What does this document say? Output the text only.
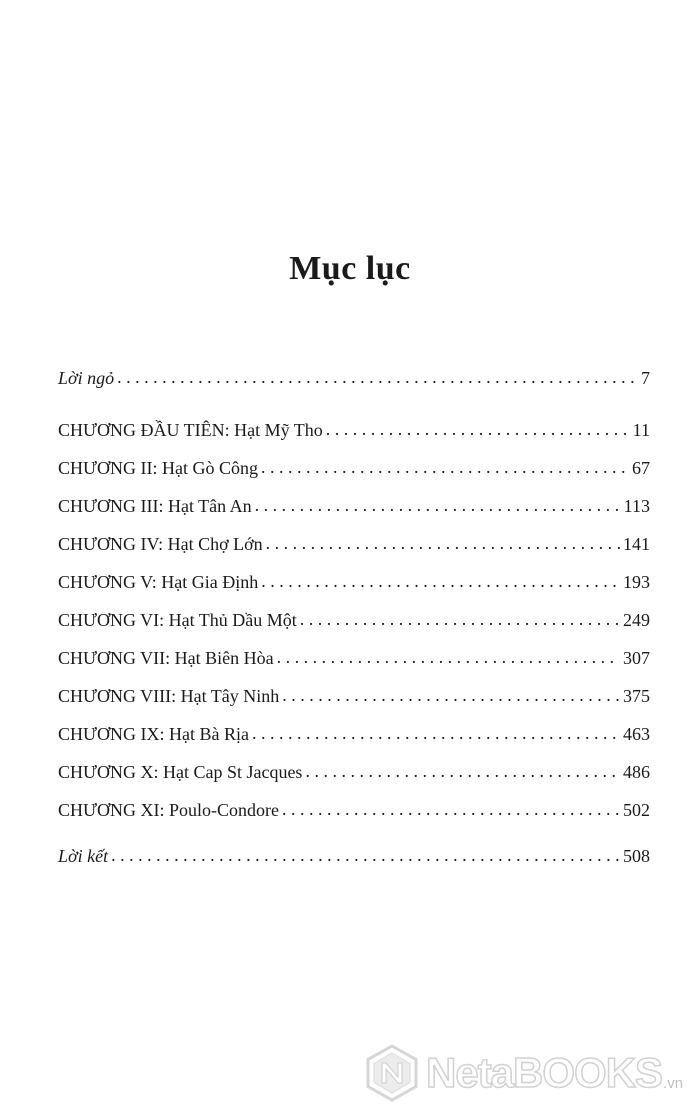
Mục lục
Lời ngỏ . . .	7
CHƯƠNG ĐẦU TIÊN: Hạt Mỹ Tho . . .	11
CHƯƠNG II: Hạt Gò Công . . .	67
CHƯƠNG III: Hạt Tân An . . .	113
CHƯƠNG IV: Hạt Chợ Lớn . . .	141
CHƯƠNG V: Hạt Gia Định . . .	193
CHƯƠNG VI: Hạt Thủ Dầu Một . . .	249
CHƯƠNG VII: Hạt Biên Hòa . . .	307
CHƯƠNG VIII: Hạt Tây Ninh . . .	375
CHƯƠNG IX: Hạt Bà Rịa . . .	463
CHƯƠNG X: Hạt Cap St Jacques . . .	486
CHƯƠNG XI: Poulo-Condore . . .	502
Lời kết . . .	508
NetaBOOKS .vn
